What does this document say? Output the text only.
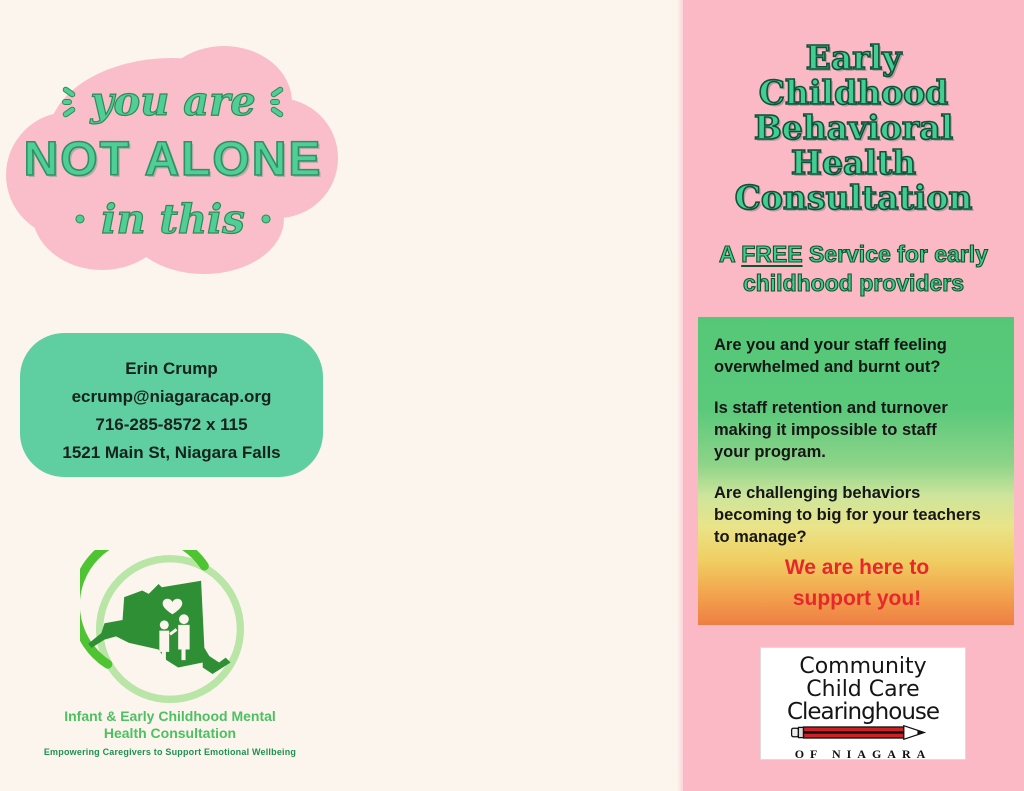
you are
NOT ALONE
• in this •
Erin Crump
ecrump@niagaracap.org
716-285-8572 x 115
1521 Main St, Niagara Falls
Infant & Early Childhood Mental
Health Consultation
Empowering Caregivers to Support Emotional Wellbeing
Early
Childhood
Behavioral
Health
Consultation
A FREE Service for early
childhood providers
Are you and your staff feeling
overwhelmed and burnt out?
Is staff retention and turnover
making it impossible to staff
your program.
Are challenging behaviors
becoming to big for your teachers
to manage?
We are here to
support you!
Community
Child Care
Clearinghouse
OF NIAGARA
